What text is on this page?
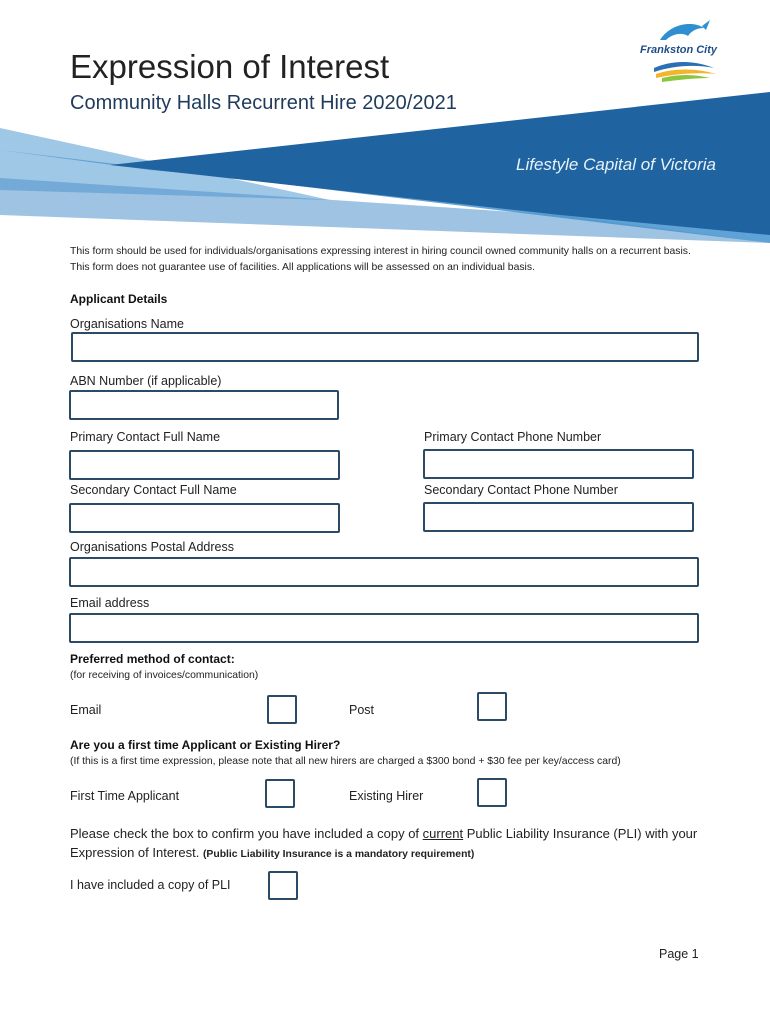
Frankston City
Expression of Interest
Community Halls Recurrent Hire 2020/2021
Lifestyle Capital of Victoria
This form should be used for individuals/organisations expressing interest in hiring council owned community halls on a recurrent basis. This form does not guarantee use of facilities. All applications will be assessed on an individual basis.
Applicant Details
Organisations Name
ABN Number (if applicable)
Primary Contact Full Name	Primary Contact Phone Number
Secondary Contact Full Name	Secondary Contact Phone Number
Organisations Postal Address
Email address
Preferred method of contact:
(for receiving of invoices/communication)
Email	Post
Are you a first time Applicant or Existing Hirer?
(If this is a first time expression, please note that all new hirers are charged a $300 bond + $30 fee per key/access card)
First Time Applicant	Existing Hirer
Please check the box to confirm you have included a copy of current Public Liability Insurance (PLI) with your Expression of Interest. (Public Liability Insurance is a mandatory requirement)
I have included a copy of PLI
Page 1
